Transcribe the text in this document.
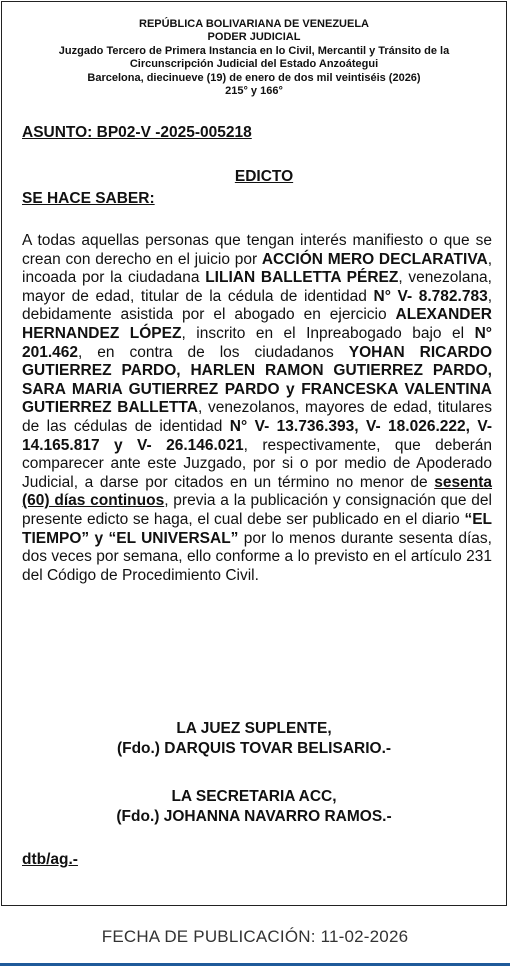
REPÚBLICA BOLIVARIANA DE VENEZUELA
PODER JUDICIAL
Juzgado Tercero de Primera Instancia en lo Civil, Mercantil y Tránsito de la
Circunscripción Judicial del Estado Anzoátegui
Barcelona, diecinueve (19) de enero de dos mil veintiséis (2026)
215° y 166°
ASUNTO: BP02-V -2025-005218
EDICTO
SE HACE SABER:
A todas aquellas personas que tengan interés manifiesto o que se crean con derecho en el juicio por ACCIÓN MERO DECLARATIVA, incoada por la ciudadana LILIAN BALLETTA PÉREZ, venezolana, mayor de edad, titular de la cédula de identidad N° V- 8.782.783, debidamente asistida por el abogado en ejercicio ALEXANDER HERNANDEZ LÓPEZ, inscrito en el Inpreabogado bajo el N° 201.462, en contra de los ciudadanos YOHAN RICARDO GUTIERREZ PARDO, HARLEN RAMON GUTIERREZ PARDO, SARA MARIA GUTIERREZ PARDO y FRANCESKA VALENTINA GUTIERREZ BALLETTA, venezolanos, mayores de edad, titulares de las cédulas de identidad N° V- 13.736.393, V- 18.026.222, V-14.165.817 y V- 26.146.021, respectivamente, que deberán comparecer ante este Juzgado, por si o por medio de Apoderado Judicial, a darse por citados en un término no menor de sesenta (60) días continuos, previa a la publicación y consignación que del presente edicto se haga, el cual debe ser publicado en el diario “EL TIEMPO” y “EL UNIVERSAL” por lo menos durante sesenta días, dos veces por semana, ello conforme a lo previsto en el artículo 231 del Código de Procedimiento Civil.
LA JUEZ SUPLENTE,
(Fdo.) DARQUIS TOVAR BELISARIO.-
LA SECRETARIA ACC,
(Fdo.) JOHANNA NAVARRO RAMOS.-
dtb/ag.-
FECHA DE PUBLICACIÓN: 11-02-2026
